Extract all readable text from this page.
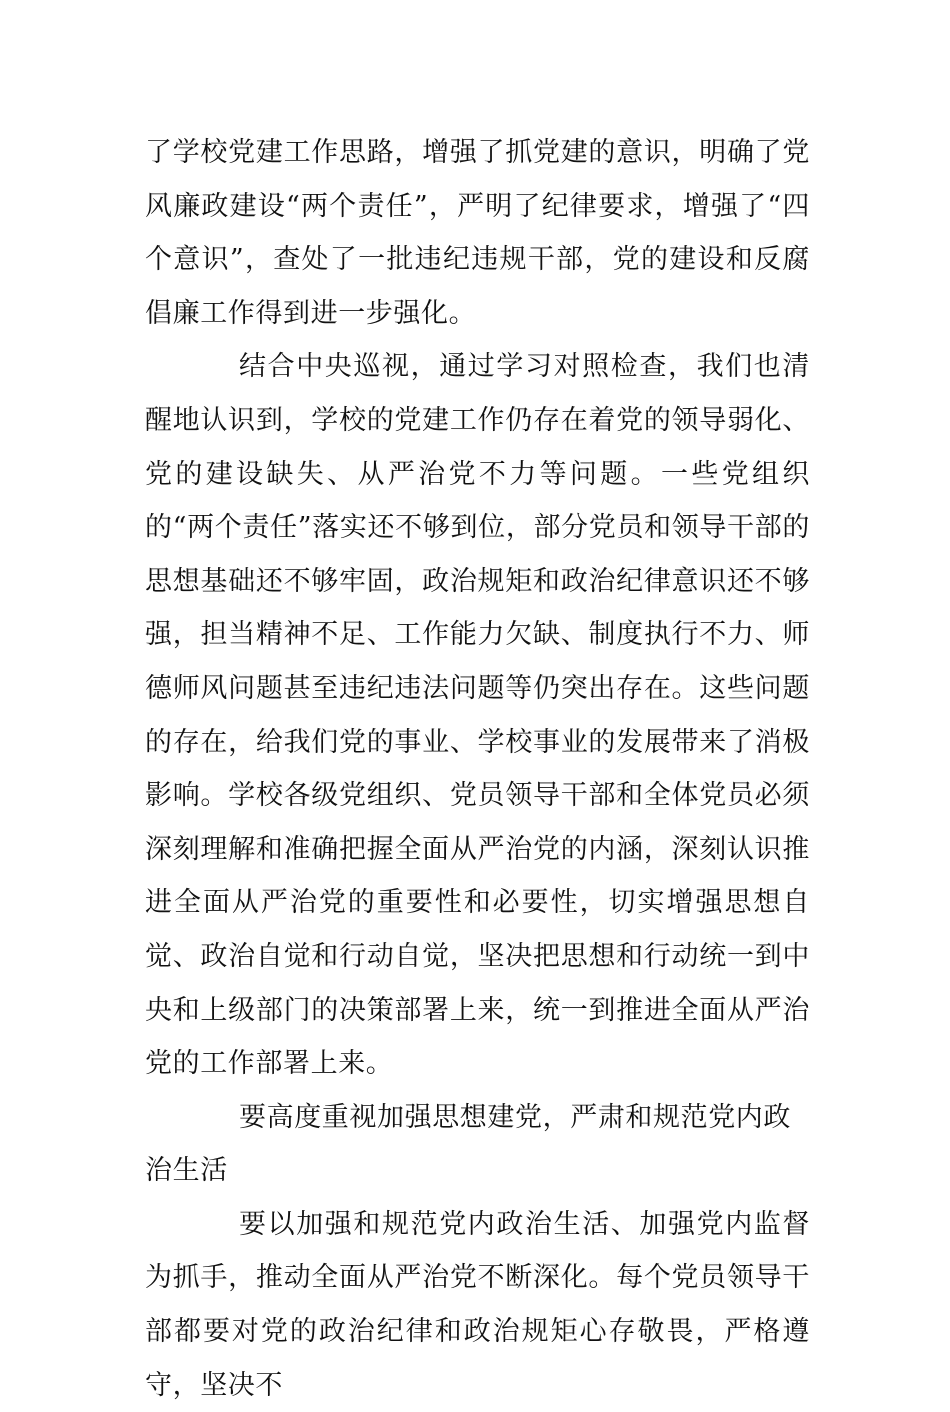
了学校党建工作思路，增强了抓党建的意识，明确了党风廉政建设“两个责任”，严明了纪律要求，增强了“四个意识”，查处了一批违纪违规干部，党的建设和反腐倡廉工作得到进一步强化。

结合中央巡视，通过学习对照检查，我们也清醒地认识到，学校的党建工作仍存在着党的领导弱化、党的建设缺失、从严治党不力等问题。一些党组织的“两个责任”落实还不够到位，部分党员和领导干部的思想基础还不够牢固，政治规矩和政治纪律意识还不够强，担当精神不足、工作能力欠缺、制度执行不力、师德师风问题甚至违纪违法问题等仍突出存在。这些问题的存在，给我们党的事业、学校事业的发展带来了消极影响。学校各级党组织、党员领导干部和全体党员必须深刻理解和准确把握全面从严治党的内涵，深刻认识推进全面从严治党的重要性和必要性，切实增强思想自觉、政治自觉和行动自觉，坚决把思想和行动统一到中央和上级部门的决策部署上来，统一到推进全面从严治党的工作部署上来。

要高度重视加强思想建党，严肃和规范党内政治生活

要以加强和规范党内政治生活、加强党内监督为抓手，推动全面从严治党不断深化。每个党员领导干部都要对党的政治纪律和政治规矩心存敬畏，严格遵守，坚决不
